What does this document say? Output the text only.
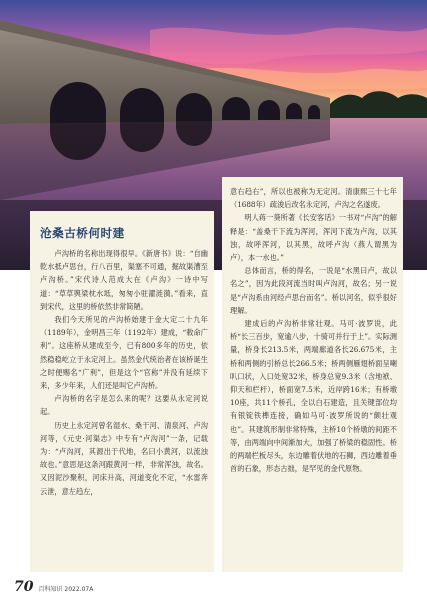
沧桑古桥何时建

卢沟桥的名称出现得很早。《新唐书》说：“自幽乾水抵卢思台，行八百里，渠塞不可通，掘故渠漕至卢沟桥。”宋代诗人范成大在《卢沟》一诗中写道：“草草舆梁枕水坻，匆匆小驻濯涟漪。”看来，直到宋代，这里的桥依然非常简陋。

我们今天所见的卢沟桥始建于金大定二十九年（1189年），金明昌三年（1192年）建成，“敕命广利”。这座桥从建成至今，已有800多年的历史，依然稳稳屹立于永定河上。虽然金代统治者在该桥诞生之时便赐名“广利”，但是这个“官称”并没有延续下来，多少年来，人们还是叫它卢沟桥。

卢沟桥的名字是怎么来的呢？这要从永定河说起。

历史上永定河曾名湿水、桑干河、清泉河、卢沟河等，《元史·河渠志》中专有“卢沟河”一条，记载为：“卢沟河，其源出于代地，名曰小黄河，以流浊故也。”意思是这条河跟黄河一样，非常浑浊，故名。又因泥沙聚积，河床升高，河道变化不定，“水雷奔云泄，意左趋左，

意右趋右”，所以也被称为无定河。清康熙三十七年（1688年）疏浚后改名永定河，卢沟之名遂废。

明人蒋一葵所著《长安客话》一书对“卢沟”的解释是：“盖桑干下流为浑河，浑河下流为卢沟，以其浊，故呼浑河，以其黑，故呼卢沟（燕人谓黑为卢），本一水也。”

总体而言，桥的得名，一说是“水黑曰卢，故以名之”，因为此段河流当时叫卢沟河，故名；另一说是“卢沟系由河经卢思台而名”。桥以河名，似乎很好理解。

建成后的卢沟桥非常壮观。马可·波罗说，此桥“长三百步，宽逾八步，十骑可并行于上”。实际测量，桥身长213.5米，两端廊道各长26.675米，主桥和两侧的引桥总长266.5米；桥两侧雁翅桥面呈喇叭口状，入口处宽32米，桥身总宽9.3米（含地袱、仰天和栏杆），桥面宽7.5米，近岸跨16米；有桥墩10座，共11个桥孔，全以白石建造，且关键部位均有银锭铁榫连接，确如马可·波罗所说的“颇壮观也”。其建筑形制非常特殊，主桥10个桥墩的间距不等，由两端向中间渐加大，加强了桥梁的稳固性。桥的两端栏板尽头，东边雕着伏地的石狮，西边雕着垂首的石象，形态古拙，是罕见的金代原物。

70 百科知识 2022.07A
